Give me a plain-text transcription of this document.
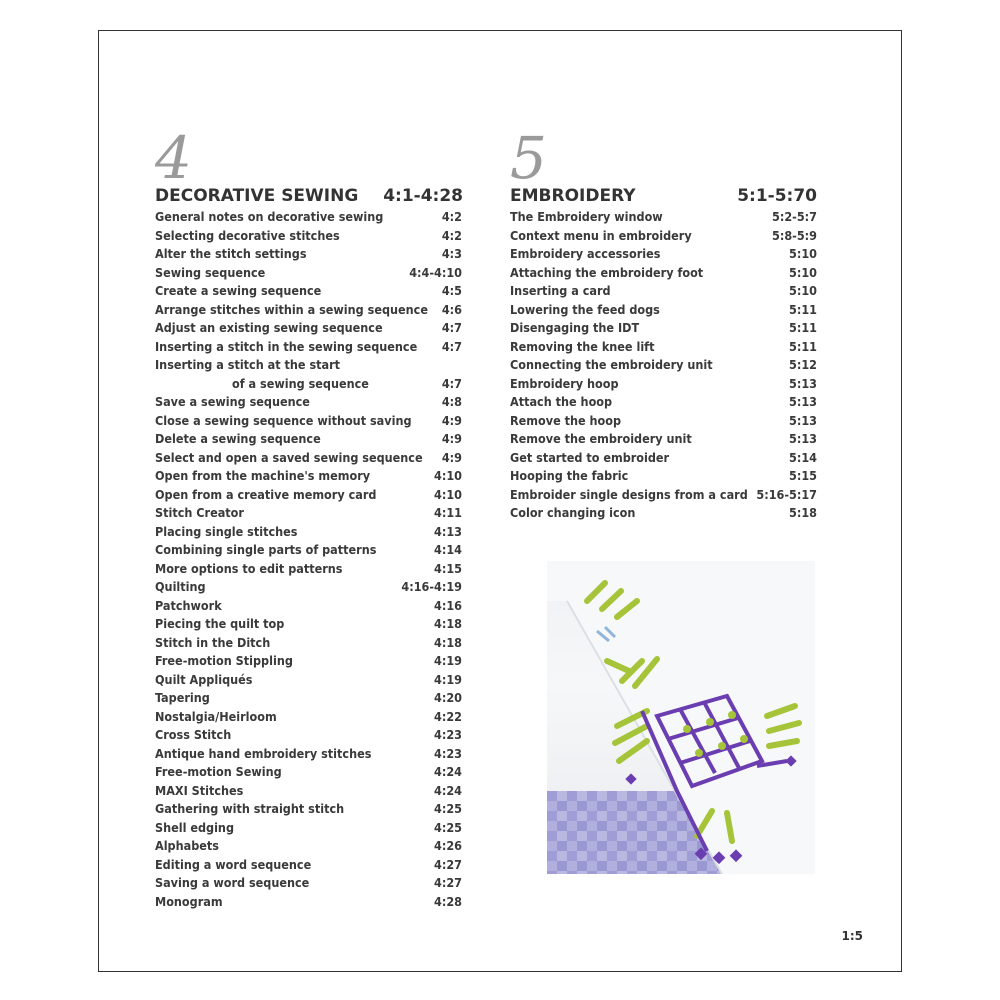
4
DECORATIVE SEWING 4:1-4:28
General notes on decorative sewing	4:2
Selecting decorative stitches	4:2
Alter the stitch settings	4:3
Sewing sequence	4:4-4:10
Create a sewing sequence	4:5
Arrange stitches within a sewing sequence 4:6
Adjust an existing sewing sequence	4:7
Inserting a stitch in the sewing sequence 4:7
Inserting a stitch at the start
of a sewing sequence	4:7
Save a sewing sequence	4:8
Close a sewing sequence without saving 4:9
Delete a sewing sequence	4:9
Select and open a saved sewing sequence 4:9
Open from the machine's memory	4:10
Open from a creative memory card	4:10
Stitch Creator	4:11
Placing single stitches	4:13
Combining single parts of patterns	4:14
More options to edit patterns	4:15
Quilting	4:16-4:19
Patchwork	4:16
Piecing the quilt top	4:18
Stitch in the Ditch	4:18
Free-motion Stippling	4:19
Quilt Appliqués	4:19
Tapering	4:20
Nostalgia/Heirloom	4:22
Cross Stitch	4:23
Antique hand embroidery stitches	4:23
Free-motion Sewing	4:24
MAXI Stitches	4:24
Gathering with straight stitch	4:25
Shell edging	4:25
Alphabets	4:26
Editing a word sequence	4:27
Saving a word sequence	4:27
Monogram	4:28
5
EMBROIDERY	5:1-5:70
The Embroidery window	5:2-5:7
Context menu in embroidery	5:8-5:9
Embroidery accessories	5:10
Attaching the embroidery foot	5:10
Inserting a card	5:10
Lowering the feed dogs	5:11
Disengaging the IDT	5:11
Removing the knee lift	5:11
Connecting the embroidery unit	5:12
Embroidery hoop	5:13
Attach the hoop	5:13
Remove the hoop	5:13
Remove the embroidery unit	5:13
Get started to embroider	5:14
Hooping the fabric	5:15
Embroider single designs from a card 5:16-5:17
Color changing icon	5:18
1:5
